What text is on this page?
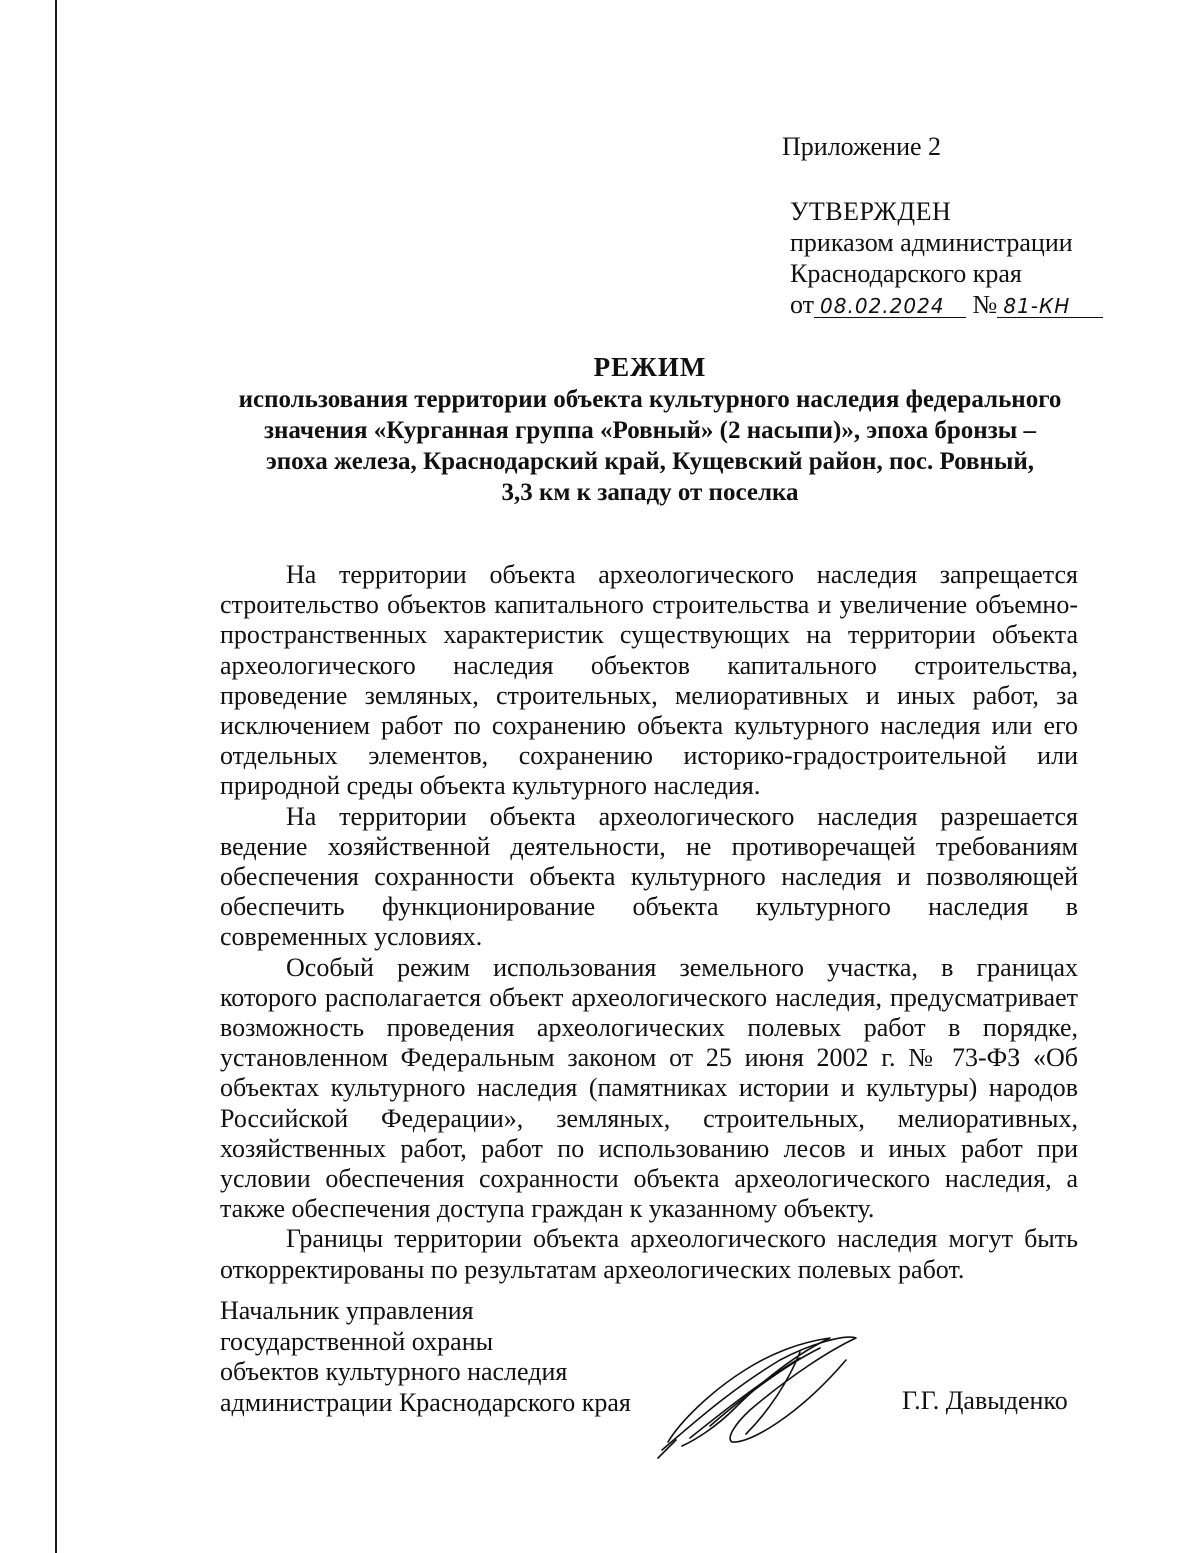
Приложение 2
УТВЕРЖДЕН
приказом администрации
Краснодарского края
от 08.02.2024 № 81-КН
РЕЖИМ
использования территории объекта культурного наследия федерального
значения «Курганная группа «Ровный» (2 насыпи)», эпоха бронзы –
эпоха железа, Краснодарский край, Кущевский район, пос. Ровный,
3,3 км к западу от поселка

На территории объекта археологического наследия запрещается строительство объектов капитального строительства и увеличение объемно-пространственных характеристик существующих на территории объекта археологического наследия объектов капитального строительства, проведение земляных, строительных, мелиоративных и иных работ, за исключением работ по сохранению объекта культурного наследия или его отдельных элементов, сохранению историко-градостроительной или природной среды объекта культурного наследия.

На территории объекта археологического наследия разрешается ведение хозяйственной деятельности, не противоречащей требованиям обеспечения сохранности объекта культурного наследия и позволяющей обеспечить функционирование объекта культурного наследия в современных условиях.

Особый режим использования земельного участка, в границах которого располагается объект археологического наследия, предусматривает возможность проведения археологических полевых работ в порядке, установленном Федеральным законом от 25 июня 2002 г. № 73-ФЗ «Об объектах культурного наследия (памятниках истории и культуры) народов Российской Федерации», земляных, строительных, мелиоративных, хозяйственных работ, работ по использованию лесов и иных работ при условии обеспечения сохранности объекта археологического наследия, а также обеспечения доступа граждан к указанному объекту.

Границы территории объекта археологического наследия могут быть откорректированы по результатам археологических полевых работ.

Начальник управления
государственной охраны
объектов культурного наследия
администрации Краснодарского края	Г.Г. Давыденко
